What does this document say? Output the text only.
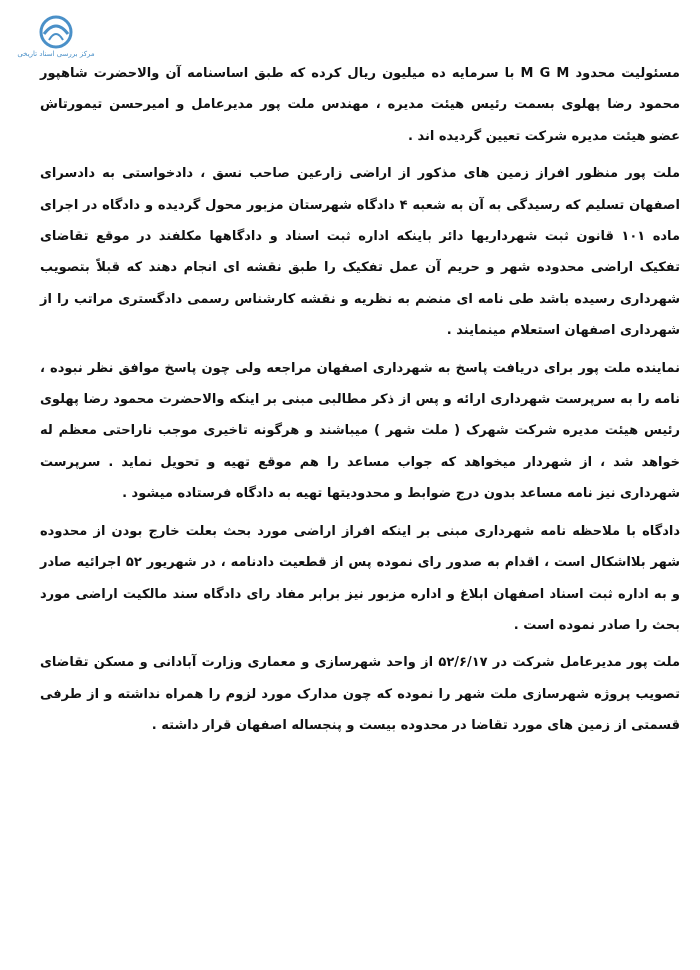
مرکز بررسی اسناد تاریخی

مسئولیت محدود M G M با سرمایه ده میلیون ریال کرده که طبق اساسنامه آن والاحضرت شاهپور محمود رضا پهلوی بسمت رئیس هیئت مدیره ، مهندس ملت پور مدیرعامل و امیرحسن تیمورتاش عضو هیئت مدیره شرکت تعیین گردیده اند .

ملت پور منظور افراز زمین های مذکور از اراضی زارعین صاحب نسق ، دادخواستی به دادسرای اصفهان تسلیم که رسیدگی به آن به شعبه ۴ دادگاه شهرستان مزبور محول گردیده و دادگاه در اجرای ماده ۱۰۱ قانون ثبت شهرداریها دائر باینکه اداره ثبت اسناد و دادگاهها مکلفند در موقع تقاضای تفکیک اراضی محدوده شهر و حریم آن عمل تفکیک را طبق نقشه ای انجام دهند که قبلاً بتصویب شهرداری رسیده باشد طی نامه ای منضم به نظریه و نقشه کارشناس رسمی دادگستری مراتب را از شهرداری اصفهان استعلام مینمایند .

نماینده ملت پور برای دریافت پاسخ به شهرداری اصفهان مراجعه ولی چون پاسخ موافق نظر نبوده ، نامه را به سرپرست شهرداری ارائه و پس از ذکر مطالبی مبنی بر اینکه والاحضرت محمود رضا پهلوی رئیس هیئت مدیره شرکت شهرک ( ملت شهر ) میباشند و هرگونه تاخیری موجب ناراحتی معظم له خواهد شد ، از شهردار میخواهد که جواب مساعد را هم موقع تهیه و تحویل نماید . سرپرست شهرداری نیز نامه مساعد بدون درج ضوابط و محدودیتها تهیه به دادگاه فرستاده میشود .

دادگاه با ملاحظه نامه شهرداری مبنی بر اینکه افراز اراضی مورد بحث بعلت خارج بودن از محدوده شهر بلااشکال است ، اقدام به صدور رای نموده پس از قطعیت دادنامه ، در شهریور ۵۲ اجرائیه صادر و به اداره ثبت اسناد اصفهان ابلاغ و اداره مزبور نیز برابر مفاد رای دادگاه سند مالکیت اراضی مورد بحث را صادر نموده است .

ملت پور مدیرعامل شرکت در ۵۲/۶/۱۷ از واحد شهرسازی و معماری وزارت آبادانی و مسکن تقاضای تصویب پروژه شهرسازی ملت شهر را نموده که چون مدارک مورد لزوم را همراه نداشته و از طرفی قسمتی از زمین های مورد تقاضا در محدوده بیست و پنجساله اصفهان قرار داشته .
